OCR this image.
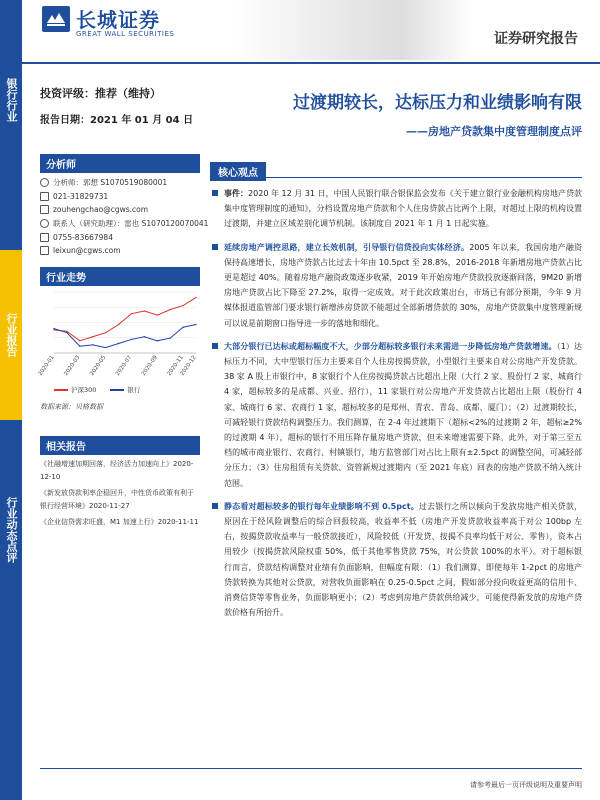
银行行业
行业报告
行业动态点评
长城证券
GREAT WALL SECURITIES	证券研究报告
投资评级：推荐（维持）
报告日期：2021 年 01 月 04 日
分析师
分析师：郭想 S1070519080001
021-31829731
zouhengchao@cgws.com
联系人（研究助理）：雷也 S1070120070041
0755-83667984
leixun@cgws.com
行业走势
2020-01 2020-03 2020-05 2020-07 2020-09 2020-11
2020-12
沪深300	银行
数据来源：贝格数据
相关报告
《社融增速加期回落，经济活力加速向上》2020-12-10
《新发放贷款利率企稳回升，中性货币政策有利于银行经营环境》2020-11-27
《企业信贷需求旺盛，M1 加速上行》2020-11-11
过渡期较长，达标压力和业绩影响有限
——房地产贷款集中度管理制度点评
核心观点
事件：2020 年 12 月 31 日，中国人民银行联合银保监会发布《关于建立银行业金融机构房地产贷款集中度管理制度的通知》，分档设置房地产贷款和个人住房贷款占比两个上限，对超过上限的机构设置过渡期，并建立区域差别化调节机制。该制度自 2021 年 1 月 1 日起实施。
延续房地产调控思路，建立长效机制，引导银行信贷投向实体经济。2005 年以来，我国房地产融资保持高速增长，房地产贷款占比过去十年由 10.5pct 至 28.8%，2016-2018 年新增房地产贷款占比更是超过 40%。随着房地产融资政策逐步收紧，2019 年开始房地产贷款投放逐渐回落，9M20 新增房地产贷款占比下降至 27.2%，取得一定成效。对于此次政策出台，市场已有部分预期，今年 9 月媒体报道监管部门要求银行新增涉房贷款不能超过全部新增贷款的 30%，房地产贷款集中度管理新规可以说是前期窗口指导进一步的落地和细化。
大部分银行已达标或超标幅度不大，少部分超标较多银行未来需进一步降低房地产贷款增速。（1）达标压力不同，大中型银行压力主要来自个人住房按揭贷款，小型银行主要来自对公房地产开发贷款。38 家 A 股上市银行中，8 家银行个人住房按揭贷款占比超出上限（大行 2 家、股份行 2 家、城商行 4 家，超标较多的是成都、兴业、招行），11 家银行对公房地产开发贷款占比超出上限（股份行 4 家、城商行 6 家、农商行 1 家，超标较多的是郑州、青农、青岛、成都、厦门）；（2）过渡期较长，可减轻银行贷款结构调整压力。我们测算，在 2-4 年过渡期下（超标<2%的过渡期 2 年，超标≥2%的过渡期 4 年），超标的银行不用压降存量房地产贷款，但未来增速需要下降。此外，对于第三至五档的城市商业银行、农商行、村镇银行，地方监管部门对占比上限有±2.5pct 的调整空间，可减轻部分压力；（3）住房租赁有关贷款、资管新规过渡期内（至 2021 年底）回表的房地产贷款不纳入统计范围。
静态看对超标较多的银行每年业绩影响不到 0.5pct。过去银行之所以倾向于发放房地产相关贷款，原因在于经风险调整后的综合回报较高，收益率不低（房地产开发贷款收益率高于对公 100bp 左右，按揭贷款收益率与一般贷款接近），风险较低（开发贷、按揭不良率均低于对公、零售），资本占用较少（按揭贷款风险权重 50%，低于其他零售贷款 75%，对公贷款 100%的水平）。对于超标银行而言，贷款结构调整对业绩有负面影响，但幅度有限：（1）我们测算，即使每年 1-2pct 的房地产贷款转换为其他对公贷款，对营收负面影响在 0.25-0.5pct 之间，假如部分投向收益更高的信用卡、消费信贷等零售业务，负面影响更小；（2）考虑到房地产贷款供给减少，可能使得新发放的房地产贷款价格有所抬升。
请参考最后一页评级说明及重要声明
